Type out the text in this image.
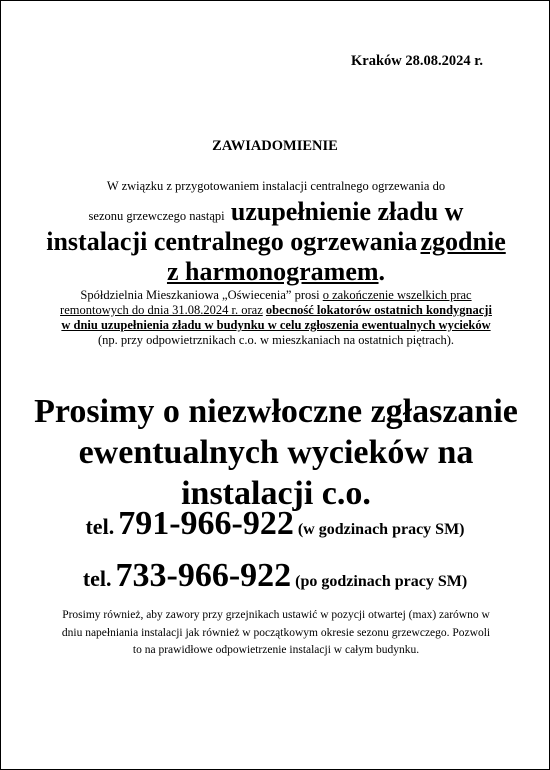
Kraków 28.08.2024 r.
ZAWIADOMIENIE
W związku z przygotowaniem instalacji centralnego ogrzewania do
sezonu grzewczego nastąpi uzupełnienie zładu w instalacji centralnego ogrzewania zgodnie z harmonogramem.
Spółdzielnia Mieszkaniowa „Oświecenia” prosi o zakończenie wszelkich prac remontowych do dnia 31.08.2024 r. oraz obecność lokatorów ostatnich kondygnacji w dniu uzupełnienia zładu w budynku w celu zgłoszenia ewentualnych wycieków
(np. przy odpowietrznikach c.o. w mieszkaniach na ostatnich piętrach).
Prosimy o niezwłoczne zgłaszanie ewentualnych wycieków na instalacji c.o.
tel. 791-966-922 (w godzinach pracy SM)
tel. 733-966-922 (po godzinach pracy SM)
Prosimy również, aby zawory przy grzejnikach ustawić w pozycji otwartej (max) zarówno w dniu napełniania instalacji jak również w początkowym okresie sezonu grzewczego. Pozwoli to na prawidłowe odpowietrzenie instalacji w całym budynku.
